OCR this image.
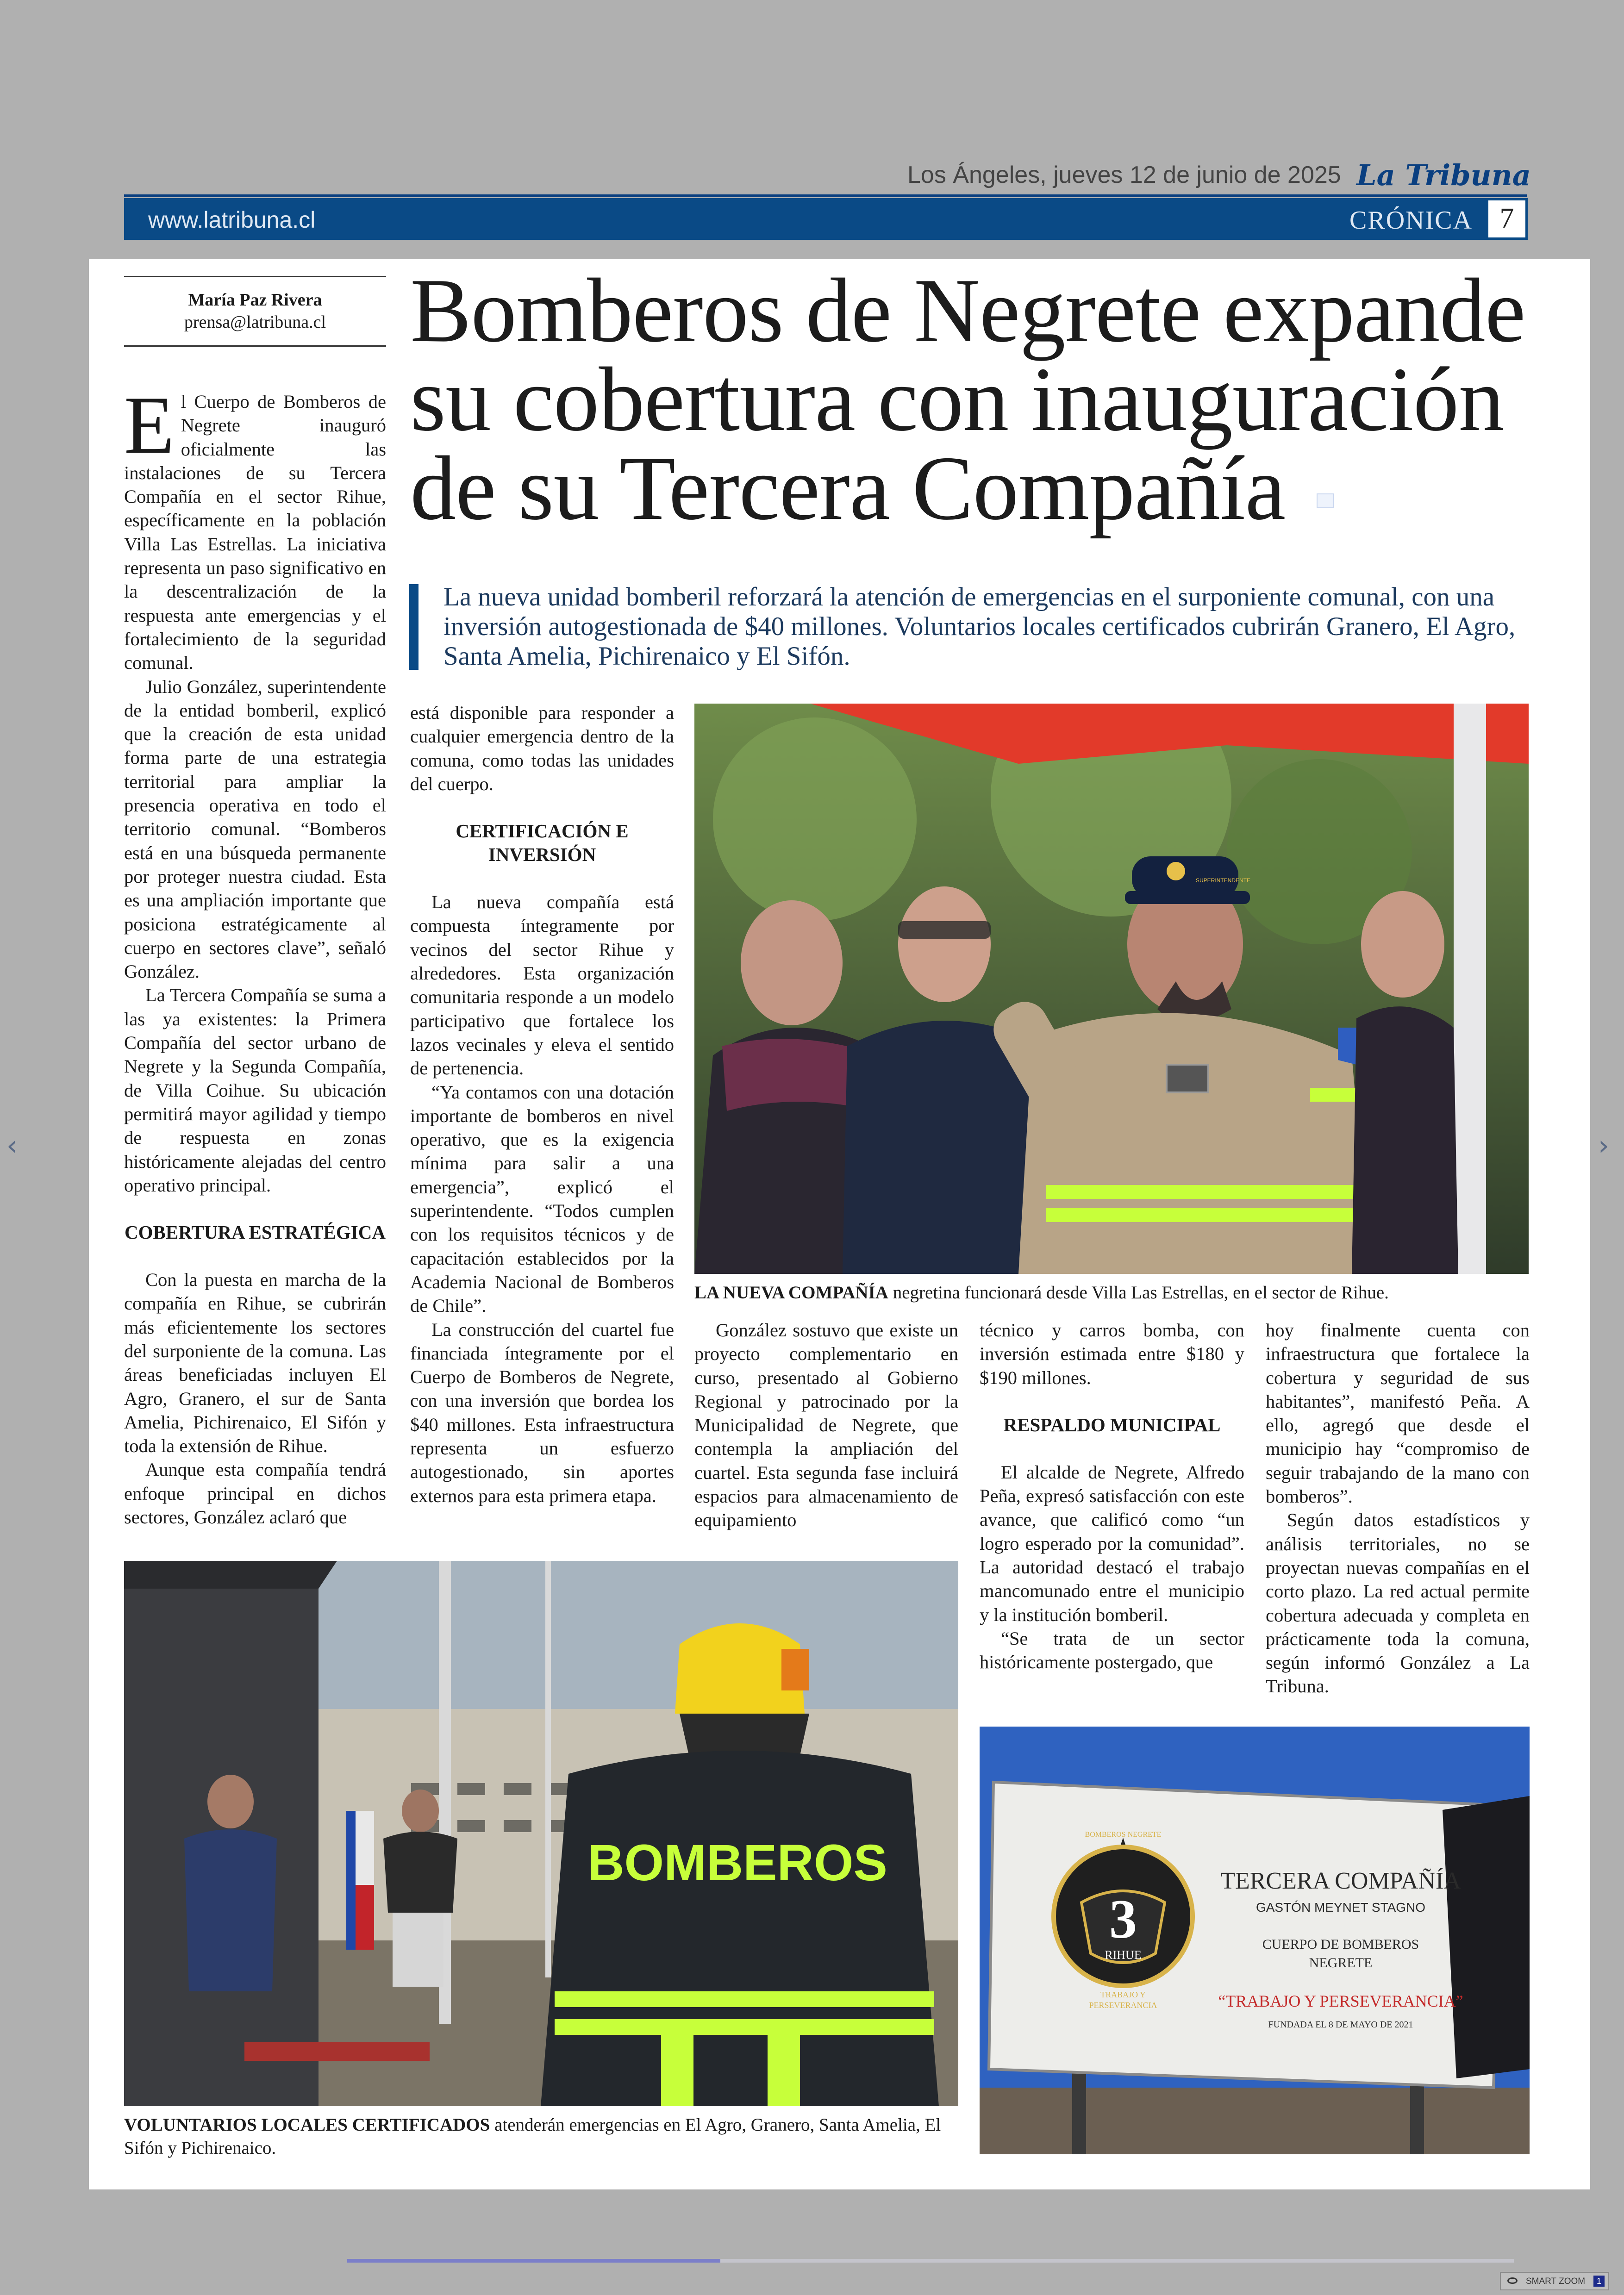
Los Ángeles, jueves 12 de junio de 2025 La Tribuna
www.latribuna.cl	CRÓNICA 7
María Paz Rivera
prensa@latribuna.cl Bomberos de Negrete expande su cobertura con inauguración de su Tercera Compañía
La nueva unidad bomberil reforzará la atención de emergencias en el surponiente comunal, con una inversión autogestionada de $40 millones. Voluntarios locales certificados cubrirán Granero, El Agro, Santa Amelia, Pichirenaico y El Sifón.

El Cuerpo de Bomberos de Negrete inauguró oficialmente las instalaciones de su Tercera Compañía en el sector Rihue, específicamente en la población Villa Las Estrellas. La iniciativa representa un paso significativo en la descentralización de la respuesta ante emergencias y el fortalecimiento de la seguridad comunal.

Julio González, superintendente de la entidad bomberil, explicó que la creación de esta unidad forma parte de una estrategia territorial para ampliar la presencia operativa en todo el territorio comunal. “Bomberos está en una búsqueda permanente por proteger nuestra ciudad. Esta es una ampliación importante que posiciona estratégicamente al cuerpo en sectores clave”, señaló González.

La Tercera Compañía se suma a las ya existentes: la Primera Compañía del sector urbano de Negrete y la Segunda Compañía, de Villa Coihue. Su ubicación permitirá mayor agilidad y tiempo de respuesta en zonas históricamente alejadas del centro operativo principal.

COBERTURA ESTRATÉGICA

Con la puesta en marcha de la compañía en Rihue, se cubrirán más eficientemente los sectores del surponiente de la comuna. Las áreas beneficiadas incluyen El Agro, Granero, el sur de Santa Amelia, Pichirenaico, El Sifón y toda la extensión de Rihue.

Aunque esta compañía tendrá enfoque principal en dichos sectores, González aclaró que

está disponible para responder a cualquier emergencia dentro de la comuna, como todas las unidades del cuerpo.

CERTIFICACIÓN E INVERSIÓN

La nueva compañía está compuesta íntegramente por vecinos del sector Rihue y alrededores. Esta organización comunitaria responde a un modelo participativo que fortalece los lazos vecinales y eleva el sentido de pertenencia.

“Ya contamos con una dotación importante de bomberos en nivel operativo, que es la exigencia mínima para salir a una emergencia”, explicó el superintendente. “Todos cumplen con los requisitos técnicos y de capacitación establecidos por la Academia Nacional de Bomberos de Chile”.

La construcción del cuartel fue financiada íntegramente por el Cuerpo de Bomberos de Negrete, con una inversión que bordea los $40 millones. Esta infraestructura representa un esfuerzo autogestionado, sin aportes externos para esta primera etapa.

González sostuvo que existe un proyecto complementario en curso, presentado al Gobierno Regional y patrocinado por la Municipalidad de Negrete, que contempla la ampliación del cuartel. Esta segunda fase incluirá espacios para almacenamiento de equipamiento

técnico y carros bomba, con inversión estimada entre $180 y $190 millones.

RESPALDO MUNICIPAL

El alcalde de Negrete, Alfredo Peña, expresó satisfacción con este avance, que calificó como “un logro esperado por la comunidad”. La autoridad destacó el trabajo mancomunado entre el municipio y la institución bomberil.

“Se trata de un sector históricamente postergado, que

hoy finalmente cuenta con infraestructura que fortalece la cobertura y seguridad de sus habitantes”, manifestó Peña. A ello, agregó que desde el municipio hay “compromiso de seguir trabajando de la mano con bomberos”.

Según datos estadísticos y análisis territoriales, no se proyectan nuevas compañías en el corto plazo. La red actual permite cobertura adecuada y completa en prácticamente toda la comuna, según informó González a La Tribuna.

SUPERINTENDENTE
LA NUEVA COMPAÑÍA negretina funcionará desde Villa Las Estrellas, en el sector de Rihue.
BOMBEROS
VOLUNTARIOS LOCALES CERTIFICADOS atenderán emergencias en El Agro, Granero, Santa Amelia, El Sifón y Pichirenaico.
BOMBEROS NEGRETE
3
RIHUE
TRABAJO Y
PERSEVERANCIA
TERCERA COMPAÑÍA
GASTÓN MEYNET STAGNO
CUERPO DE BOMBEROS
NEGRETE
“TRABAJO Y PERSEVERANCIA”
FUNDADA EL 8 DE MAYO DE 2021
‹	›
SMART ZOOM	1
